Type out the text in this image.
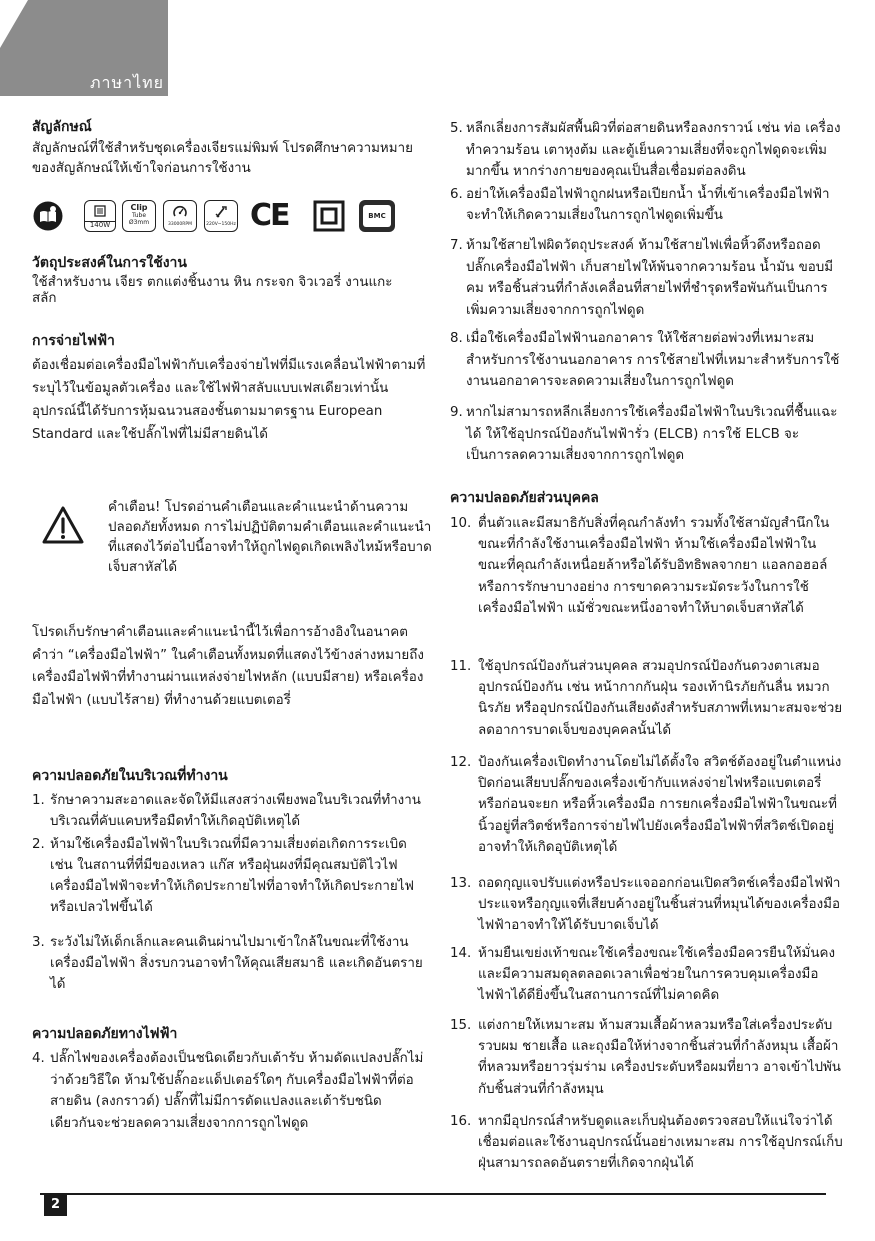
ภาษาไทย
สัญลักษณ์

สัญลักษณ์ที่ใช้สำหรับชุดเครื่องเจียรแม่พิมพ์ โปรดศึกษาความหมายของสัญลักษณ์ให้เข้าใจก่อนการใช้งาน

วัตถุประสงค์ในการใช้งาน

ใช้สำหรับงาน เจียร ตกแต่งชิ้นงาน หิน กระจก จิวเวอรี่ งานแกะสลัก

การจ่ายไฟฟ้า

ต้องเชื่อมต่อเครื่องมือไฟฟ้ากับเครื่องจ่ายไฟที่มีแรงเคลื่อนไฟฟ้าตามที่ระบุไว้ในข้อมูลตัวเครื่อง และใช้ไฟฟ้าสลับแบบเฟสเดียวเท่านั้นอุปกรณ์นี้ได้รับการหุ้มฉนวนสองชั้นตามมาตรฐาน European Standard และใช้ปลั๊กไฟที่ไม่มีสายดินได้

โปรดเก็บรักษาคำเตือนและคำแนะนำนี้ไว้เพื่อการอ้างอิงในอนาคต คำว่า “เครื่องมือไฟฟ้า” ในคำเตือนทั้งหมดที่แสดงไว้ข้างล่างหมายถึง เครื่องมือไฟฟ้าที่ทำงานผ่านแหล่งจ่ายไฟหลัก (แบบมีสาย) หรือเครื่องมือไฟฟ้า (แบบไร้สาย) ที่ทำงานด้วยแบตเตอรี่

ความปลอดภัยในบริเวณที่ทำงาน
1. รักษาความสะอาดและจัดให้มีแสงสว่างเพียงพอในบริเวณที่ทำงาน บริเวณที่คับแคบหรือมืดทำให้เกิดอุบัติเหตุได้
2. ห้ามใช้เครื่องมือไฟฟ้าในบริเวณที่มีความเสี่ยงต่อเกิดการระเบิด เช่น ในสถานที่ที่มีของเหลว แก๊ส หรือฝุ่นผงที่มีคุณสมบัติไวไฟ เครื่องมือไฟฟ้าจะทำให้เกิดประกายไฟที่อาจทำให้เกิดประกายไฟหรือเปลวไฟขึ้นได้
3. ระวังไม่ให้เด็กเล็กและคนเดินผ่านไปมาเข้าใกล้ในขณะที่ใช้งานเครื่องมือไฟฟ้า สิ่งรบกวนอาจทำให้คุณเสียสมาธิ และเกิดอันตรายได้
ความปลอดภัยทางไฟฟ้า
4. ปลั๊กไฟของเครื่องต้องเป็นชนิดเดียวกับเต้ารับ ห้ามดัดแปลงปลั๊กไม่ว่าด้วยวิธีใด ห้ามใช้ปลั๊กอะแด็ปเตอร์ใดๆ กับเครื่องมือไฟฟ้าที่ต่อสายดิน (ลงกราวด์) ปลั๊กที่ไม่มีการดัดแปลงและเต้ารับชนิดเดียวกันจะช่วยลดความเสี่ยงจากการถูกไฟดูด
140W
Clip
Tube
Ø3mm	33000RPM	220V~150Hz CE	BMC
คำเตือน! โปรดอ่านคำเตือนและคำแนะนำด้านความปลอดภัยทั้งหมด การไม่ปฏิบัติตามคำเตือนและคำแนะนำที่แสดงไว้ต่อไปนี้อาจทำให้ถูกไฟดูดเกิดเพลิงไหม้หรือบาดเจ็บสาหัสได้
5. หลีกเลี่ยงการสัมผัสพื้นผิวที่ต่อสายดินหรือลงกราวน์ เช่น ท่อ เครื่องทำความร้อน เตาหุงต้ม และตู้เย็นความเสี่ยงที่จะถูกไฟดูดจะเพิ่มมากขึ้น หากร่างกายของคุณเป็นสื่อเชื่อมต่อลงดิน
6. อย่าให้เครื่องมือไฟฟ้าถูกฝนหรือเปียกน้ำ น้ำที่เข้าเครื่องมือไฟฟ้าจะทำให้เกิดความเสี่ยงในการถูกไฟดูดเพิ่มขึ้น
7. ห้ามใช้สายไฟผิดวัตถุประสงค์ ห้ามใช้สายไฟเพื่อหิ้วดึงหรือถอดปลั๊กเครื่องมือไฟฟ้า เก็บสายไฟให้พ้นจากความร้อน น้ำมัน ขอบมีคม หรือชิ้นส่วนที่กำลังเคลื่อนที่สายไฟที่ชำรุดหรือพันกันเป็นการเพิ่มความเสี่ยงจากการถูกไฟดูด
8. เมื่อใช้เครื่องมือไฟฟ้านอกอาคาร ให้ใช้สายต่อพ่วงที่เหมาะสมสำหรับการใช้งานนอกอาคาร การใช้สายไฟที่เหมาะสำหรับการใช้งานนอกอาคารจะลดความเสี่ยงในการถูกไฟดูด
9. หากไม่สามารถหลีกเลี่ยงการใช้เครื่องมือไฟฟ้าในบริเวณที่ชื้นแฉะได้ ให้ใช้อุปกรณ์ป้องกันไฟฟ้ารั่ว (ELCB) การใช้ ELCB จะเป็นการลดความเสี่ยงจากการถูกไฟดูด
ความปลอดภัยส่วนบุคคล
10. ตื่นตัวและมีสมาธิกับสิ่งที่คุณกำลังทำ รวมทั้งใช้สามัญสำนึกในขณะที่กำลังใช้งานเครื่องมือไฟฟ้า ห้ามใช้เครื่องมือไฟฟ้าในขณะที่คุณกำลังเหนื่อยล้าหรือได้รับอิทธิพลจากยา แอลกอฮอล์ หรือการรักษาบางอย่าง การขาดความระมัดระวังในการใช้เครื่องมือไฟฟ้า แม้ชั่วขณะหนึ่งอาจทำให้บาดเจ็บสาหัสได้
11. ใช้อุปกรณ์ป้องกันส่วนบุคคล สวมอุปกรณ์ป้องกันดวงตาเสมอ อุปกรณ์ป้องกัน เช่น หน้ากากกันฝุ่น รองเท้านิรภัยกันลื่น หมวกนิรภัย หรืออุปกรณ์ป้องกันเสียงดังสำหรับสภาพที่เหมาะสมจะช่วยลดอาการบาดเจ็บของบุคคลนั้นได้
12. ป้องกันเครื่องเปิดทำงานโดยไม่ได้ตั้งใจ สวิตช์ต้องอยู่ในตำแหน่งปิดก่อนเสียบปลั๊กของเครื่องเข้ากับแหล่งจ่ายไฟหรือแบตเตอรี่ หรือก่อนจะยก หรือหิ้วเครื่องมือ การยกเครื่องมือไฟฟ้าในขณะที่นิ้วอยู่ที่สวิตช์หรือการจ่ายไฟไปยังเครื่องมือไฟฟ้าที่สวิตช์เปิดอยู่ อาจทำให้เกิดอุบัติเหตุได้
13. ถอดกุญแจปรับแต่งหรือประแจออกก่อนเปิดสวิตช์เครื่องมือไฟฟ้าประแจหรือกุญแจที่เสียบค้างอยู่ในชิ้นส่วนที่หมุนได้ของเครื่องมือไฟฟ้าอาจทำให้ได้รับบาดเจ็บได้
14. ห้ามยืนเขย่งเท้าขณะใช้เครื่องขณะใช้เครื่องมือควรยืนให้มั่นคงและมีความสมดุลตลอดเวลาเพื่อช่วยในการควบคุมเครื่องมือไฟฟ้าได้ดียิ่งขึ้นในสถานการณ์ที่ไม่คาดคิด
15. แต่งกายให้เหมาะสม ห้ามสวมเสื้อผ้าหลวมหรือใส่เครื่องประดับ รวบผม ชายเสื้อ และถุงมือให้ห่างจากชิ้นส่วนที่กำลังหมุน เสื้อผ้าที่หลวมหรือยาวรุ่มร่าม เครื่องประดับหรือผมที่ยาว อาจเข้าไปพันกับชิ้นส่วนที่กำลังหมุน
16. หากมีอุปกรณ์สำหรับดูดและเก็บฝุ่นต้องตรวจสอบให้แน่ใจว่าได้เชื่อมต่อและใช้งานอุปกรณ์นั้นอย่างเหมาะสม การใช้อุปกรณ์เก็บฝุ่นสามารถลดอันตรายที่เกิดจากฝุ่นได้
2
